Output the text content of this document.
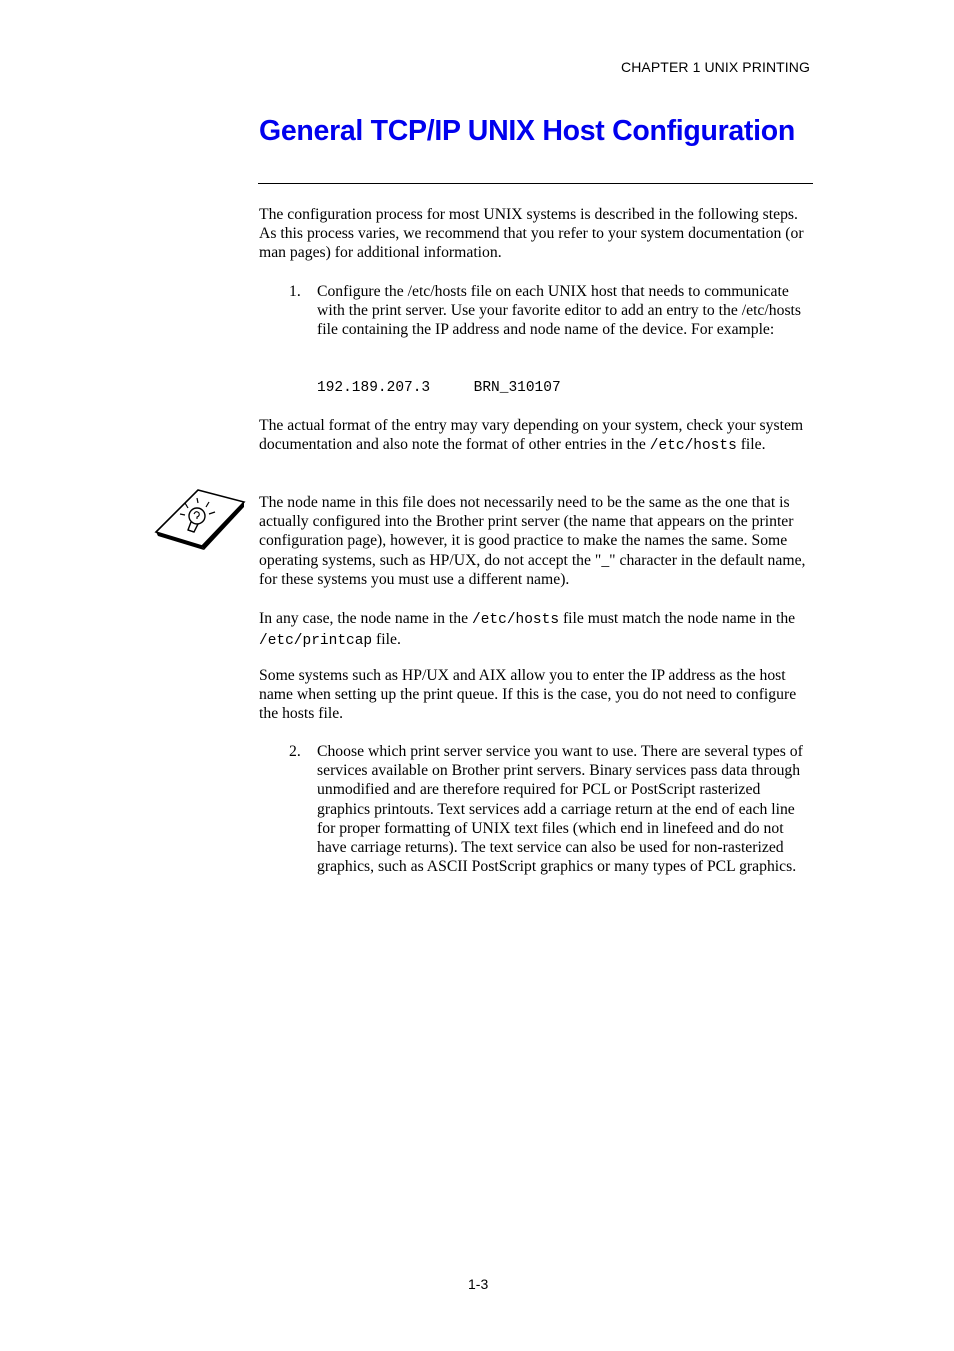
CHAPTER 1 UNIX PRINTING
General TCP/IP UNIX Host Configuration

The configuration process for most UNIX systems is described in the following steps. As this process varies, we recommend that you refer to your system documentation (or man pages) for additional information.

1. Configure the /etc/hosts file on each UNIX host that needs to communicate with the print server. Use your favorite editor to add an entry to the /etc/hosts file containing the IP address and node name of the device. For example:

192.189.207.3	BRN_310107

The actual format of the entry may vary depending on your system, check your system documentation and also note the format of other entries in the /etc/hosts file.

The node name in this file does not necessarily need to be the same as the one that is actually configured into the Brother print server (the name that appears on the printer configuration page), however, it is good practice to make the names the same. Some operating systems, such as HP/UX, do not accept the "_" character in the default name, for these systems you must use a different name).

In any case, the node name in the /etc/hosts file must match the node name in the /etc/printcap file.

Some systems such as HP/UX and AIX allow you to enter the IP address as the host name when setting up the print queue. If this is the case, you do not need to configure the hosts file.

2. Choose which print server service you want to use. There are several types of services available on Brother print servers. Binary services pass data through unmodified and are therefore required for PCL or PostScript rasterized graphics printouts. Text services add a carriage return at the end of each line for proper formatting of UNIX text files (which end in linefeed and do not have carriage returns). The text service can also be used for non-rasterized graphics, such as ASCII PostScript graphics or many types of PCL graphics.

1-3
